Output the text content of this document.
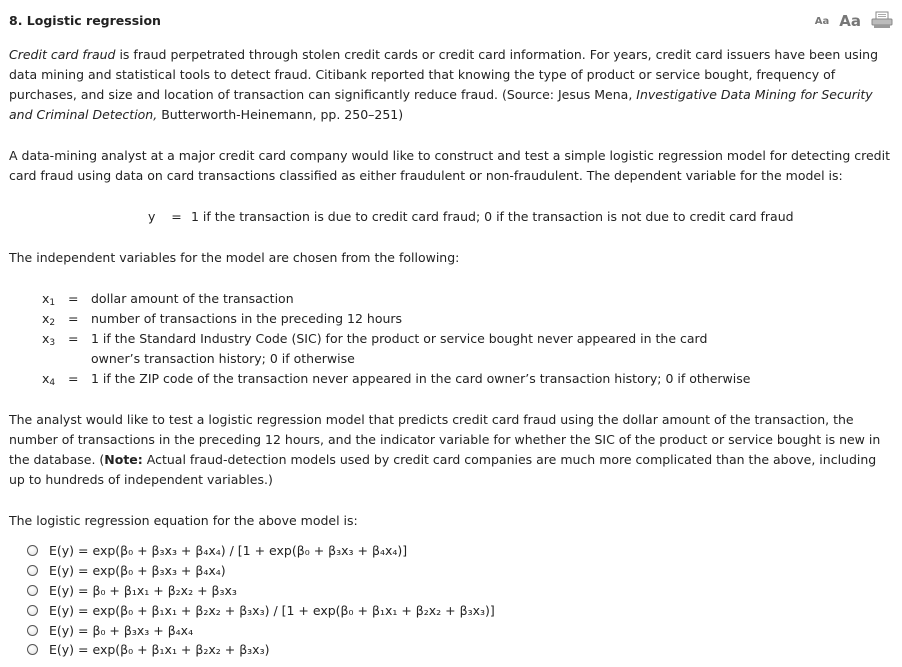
8. Logistic regression	Aa Aa

Credit card fraud is fraud perpetrated through stolen credit cards or credit card information. For years, credit card issuers have been using data mining and statistical tools to detect fraud. Citibank reported that knowing the type of product or service bought, frequency of purchases, and size and location of transaction can significantly reduce fraud. (Source: Jesus Mena, Investigative Data Mining for Security and Criminal Detection, Butterworth-Heinemann, pp. 250–251)

A data-mining analyst at a major credit card company would like to construct and test a simple logistic regression model for detecting credit card fraud using data on card transactions classified as either fraudulent or non-fraudulent. The dependent variable for the model is:

y = 1 if the transaction is due to credit card fraud; 0 if the transaction is not due to credit card fraud

The independent variables for the model are chosen from the following:

$x_1$	=	dollar amount of the transaction
$x_2$	=	number of transactions in the preceding 12 hours
$x_3$	=	1 if the Standard Industry Code (SIC) for the product or service bought never appeared in the card owner’s transaction history; 0 if otherwise
$x_4$	=	1 if the ZIP code of the transaction never appeared in the card owner’s transaction history; 0 if otherwise

The analyst would like to test a logistic regression model that predicts credit card fraud using the dollar amount of the transaction, the number of transactions in the preceding 12 hours, and the indicator variable for whether the SIC of the product or service bought is new in the database. (Note: Actual fraud-detection models used by credit card companies are much more complicated than the above, including up to hundreds of independent variables.)

The logistic regression equation for the above model is:

E(y) = exp(β₀ + β₃x₃ + β₄x₄) / [1 + exp(β₀ + β₃x₃ + β₄x₄)]
E(y) = exp(β₀ + β₃x₃ + β₄x₄)
E(y) = β₀ + β₁x₁ + β₂x₂ + β₃x₃
E(y) = exp(β₀ + β₁x₁ + β₂x₂ + β₃x₃) / [1 + exp(β₀ + β₁x₁ + β₂x₂ + β₃x₃)]
E(y) = β₀ + β₃x₃ + β₄x₄
E(y) = exp(β₀ + β₁x₁ + β₂x₂ + β₃x₃)
